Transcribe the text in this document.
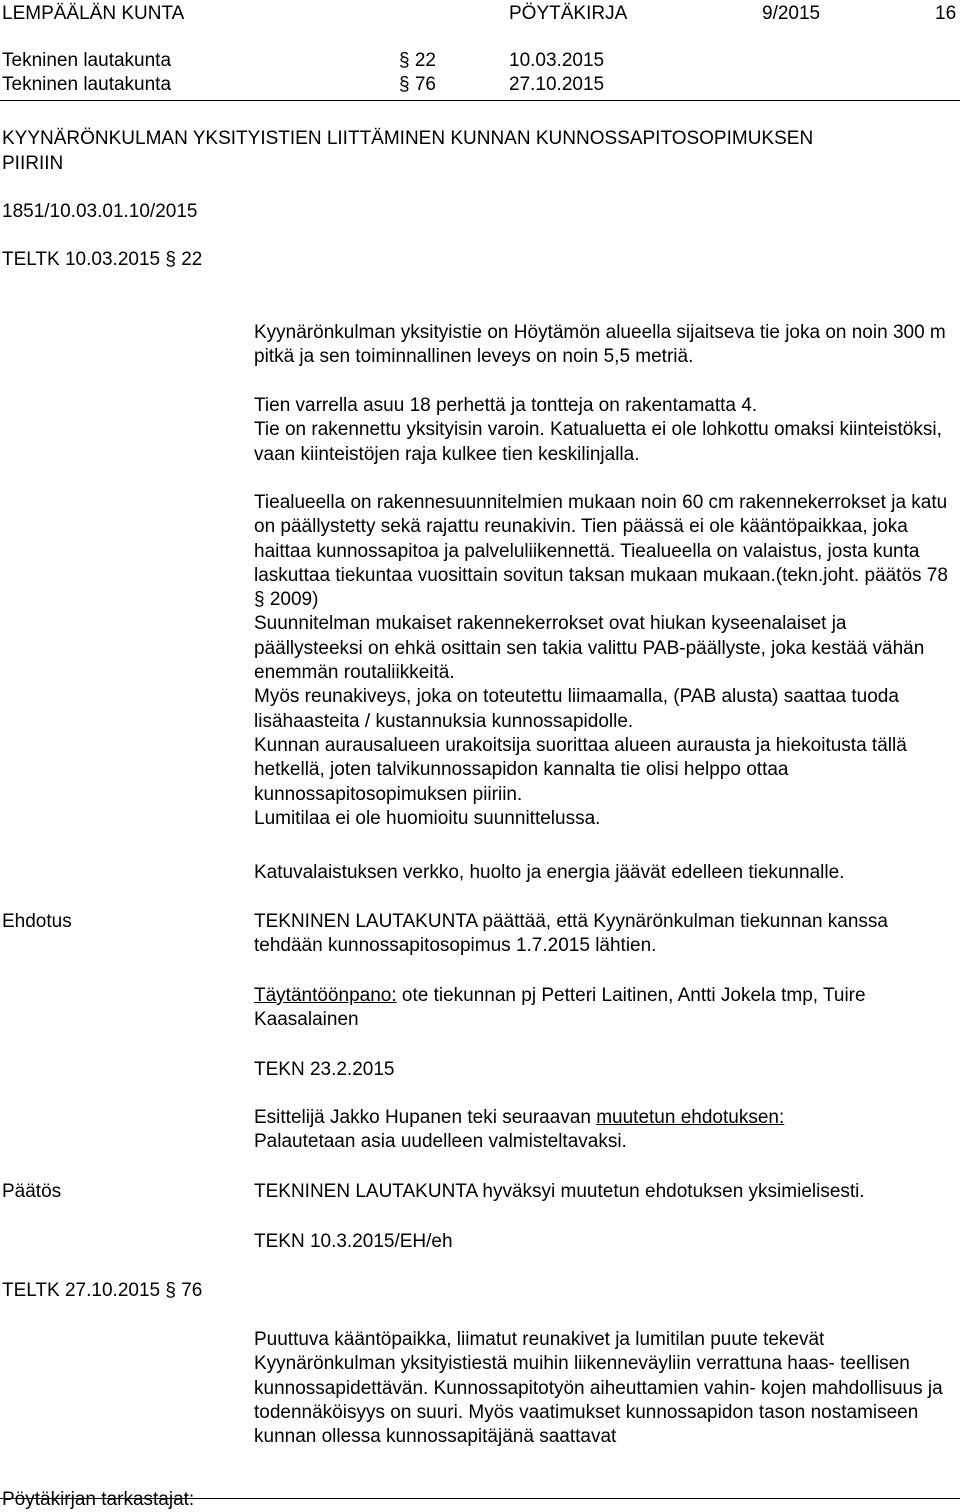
LEMPÄÄLÄN KUNTA	PÖYTÄKIRJA	9/2015	16
Tekninen lautakunta	§ 22	10.03.2015
Tekninen lautakunta	§ 76	27.10.2015
KYYNÄRÖNKULMAN YKSITYISTIEN LIITTÄMINEN KUNNAN KUNNOSSAPITOSOPIMUKSEN
PIIRIIN
1851/10.03.01.10/2015
TELTK 10.03.2015 § 22

Kyynärönkulman yksityistie on Höytämön alueella sijaitseva tie joka on noin 300 m pitkä ja sen toiminnallinen leveys on noin 5,5 metriä.

Tien varrella asuu 18 perhettä ja tontteja on rakentamatta 4.

Tie on rakennettu yksityisin varoin. Katualuetta ei ole lohkottu omaksi kiinteistöksi, vaan kiinteistöjen raja kulkee tien keskilinjalla.

Tiealueella on rakennesuunnitelmien mukaan noin 60 cm rakennekerrokset ja katu on päällystetty sekä rajattu reunakivin. Tien päässä ei ole kääntöpaikkaa, joka haittaa kunnossapitoa ja palveluliikennettä. Tiealueella on valaistus, josta kunta laskuttaa tiekuntaa vuosittain sovitun taksan mukaan mukaan.(tekn.joht. päätös 78 § 2009)

Suunnitelman mukaiset rakennekerrokset ovat hiukan kyseenalaiset ja päällysteeksi on ehkä osittain sen takia valittu PAB-päällyste, joka kestää vähän enemmän routaliikkeitä.

Myös reunakiveys, joka on toteutettu liimaamalla, (PAB alusta) saattaa tuoda lisähaasteita / kustannuksia kunnossapidolle.

Kunnan aurausalueen urakoitsija suorittaa alueen aurausta ja hiekoitusta tällä hetkellä, joten talvikunnossapidon kannalta tie olisi helppo ottaa kunnossapitosopimuksen piiriin.

Lumitilaa ei ole huomioitu suunnittelussa.

Katuvalaistuksen verkko, huolto ja energia jäävät edelleen tiekunnalle.

Ehdotus	TEKNINEN LAUTAKUNTA päättää, että Kyynärönkulman tiekunnan kanssa tehdään kunnossapitosopimus 1.7.2015 lähtien.

Täytäntöönpano: ote tiekunnan pj Petteri Laitinen, Antti Jokela tmp, Tuire Kaasalainen

TEKN 23.2.2015

Esittelijä Jakko Hupanen teki seuraavan muutetun ehdotuksen:

Palautetaan asia uudelleen valmisteltavaksi.

Päätös	TEKNINEN LAUTAKUNTA hyväksyi muutetun ehdotuksen yksimielisesti.
TEKN 10.3.2015/EH/eh
TELTK 27.10.2015 § 76

Puuttuva kääntöpaikka, liimatut reunakivet ja lumitilan puute tekevät Kyynärönkulman yksityistiestä muihin liikenneväyliin verrattuna haas- teellisen kunnossapidettävän. Kunnossapitotyön aiheuttamien vahin- kojen mahdollisuus ja todennäköisyys on suuri. Myös vaatimukset kunnossapidon tason nostamiseen kunnan ollessa kunnossapitäjänä saattavat

Pöytäkirjan tarkastajat:
